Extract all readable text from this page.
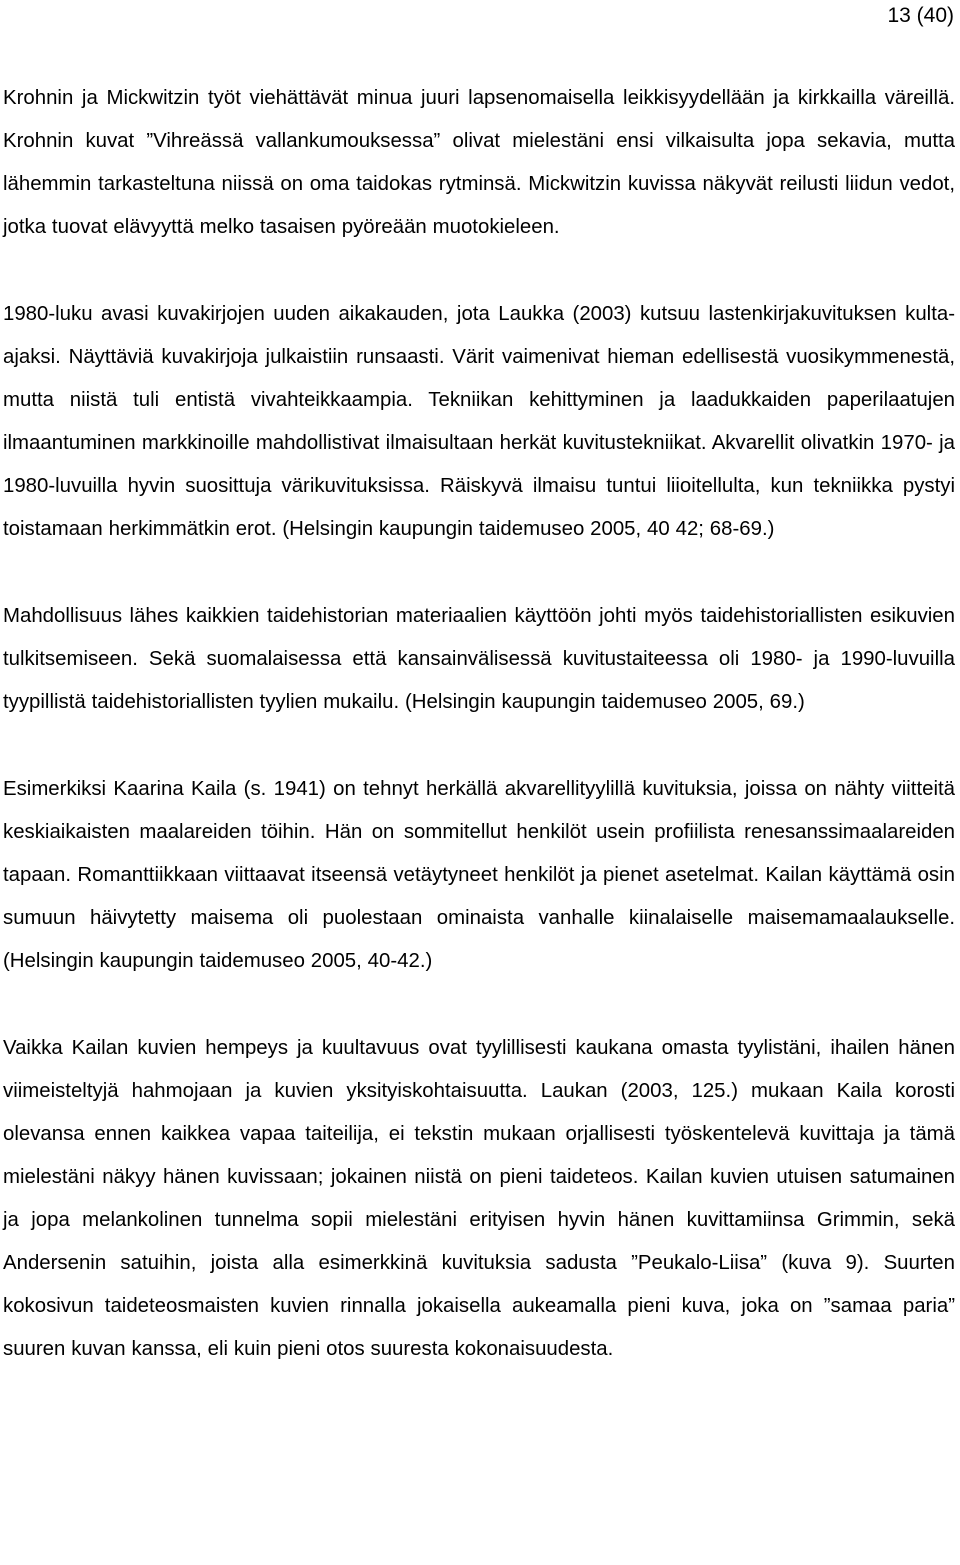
13 (40)

Krohnin ja Mickwitzin työt viehättävät minua juuri lapsenomaisella leikkisyydellään ja kirkkailla väreillä. Krohnin kuvat ”Vihreässä vallankumouksessa” olivat mielestäni ensi vilkaisulta jopa sekavia, mutta lähemmin tarkasteltuna niissä on oma taidokas rytminsä. Mickwitzin kuvissa näkyvät reilusti liidun vedot, jotka tuovat elävyyttä melko tasaisen pyöreään muotokieleen.

1980-luku avasi kuvakirjojen uuden aikakauden, jota Laukka (2003) kutsuu lastenkirjakuvituksen kulta-ajaksi. Näyttäviä kuvakirjoja julkaistiin runsaasti. Värit vaimenivat hieman edellisestä vuosikymmenestä, mutta niistä tuli entistä vivahteikkaampia. Tekniikan kehittyminen ja laadukkaiden paperilaatujen ilmaantuminen markkinoille mahdollistivat ilmaisultaan herkät kuvitustekniikat. Akvarellit olivatkin 1970- ja 1980-luvuilla hyvin suosittuja värikuvituksissa. Räiskyvä ilmaisu tuntui liioitellulta, kun tekniikka pystyi toistamaan herkimmätkin erot. (Helsingin kaupungin taidemuseo 2005, 40 42; 68-69.)

Mahdollisuus lähes kaikkien taidehistorian materiaalien käyttöön johti myös taidehistoriallisten esikuvien tulkitsemiseen. Sekä suomalaisessa että kansainvälisessä kuvitustaiteessa oli 1980- ja 1990-luvuilla tyypillistä taidehistoriallisten tyylien mukailu. (Helsingin kaupungin taidemuseo 2005, 69.)

Esimerkiksi Kaarina Kaila (s. 1941) on tehnyt herkällä akvarellityylillä kuvituksia, joissa on nähty viitteitä keskiaikaisten maalareiden töihin. Hän on sommitellut henkilöt usein profiilista renesanssimaalareiden tapaan. Romanttiikkaan viittaavat itseensä vetäytyneet henkilöt ja pienet asetelmat. Kailan käyttämä osin sumuun häivytetty maisema oli puolestaan ominaista vanhalle kiinalaiselle maisemamaalaukselle. (Helsingin kaupungin taidemuseo 2005, 40-42.)

Vaikka Kailan kuvien hempeys ja kuultavuus ovat tyylillisesti kaukana omasta tyylistäni, ihailen hänen viimeisteltyjä hahmojaan ja kuvien yksityiskohtaisuutta. Laukan (2003, 125.) mukaan Kaila korosti olevansa ennen kaikkea vapaa taiteilija, ei tekstin mukaan orjallisesti työskentelevä kuvittaja ja tämä mielestäni näkyy hänen kuvissaan; jokainen niistä on pieni taideteos. Kailan kuvien utuisen satumainen ja jopa melankolinen tunnelma sopii mielestäni erityisen hyvin hänen kuvittamiinsa Grimmin, sekä Andersenin satuihin, joista alla esimerkkinä kuvituksia sadusta ”Peukalo-Liisa” (kuva 9). Suurten kokosivun taideteosmaisten kuvien rinnalla jokaisella aukeamalla pieni kuva, joka on ”samaa paria” suuren kuvan kanssa, eli kuin pieni otos suuresta kokonaisuudesta.
